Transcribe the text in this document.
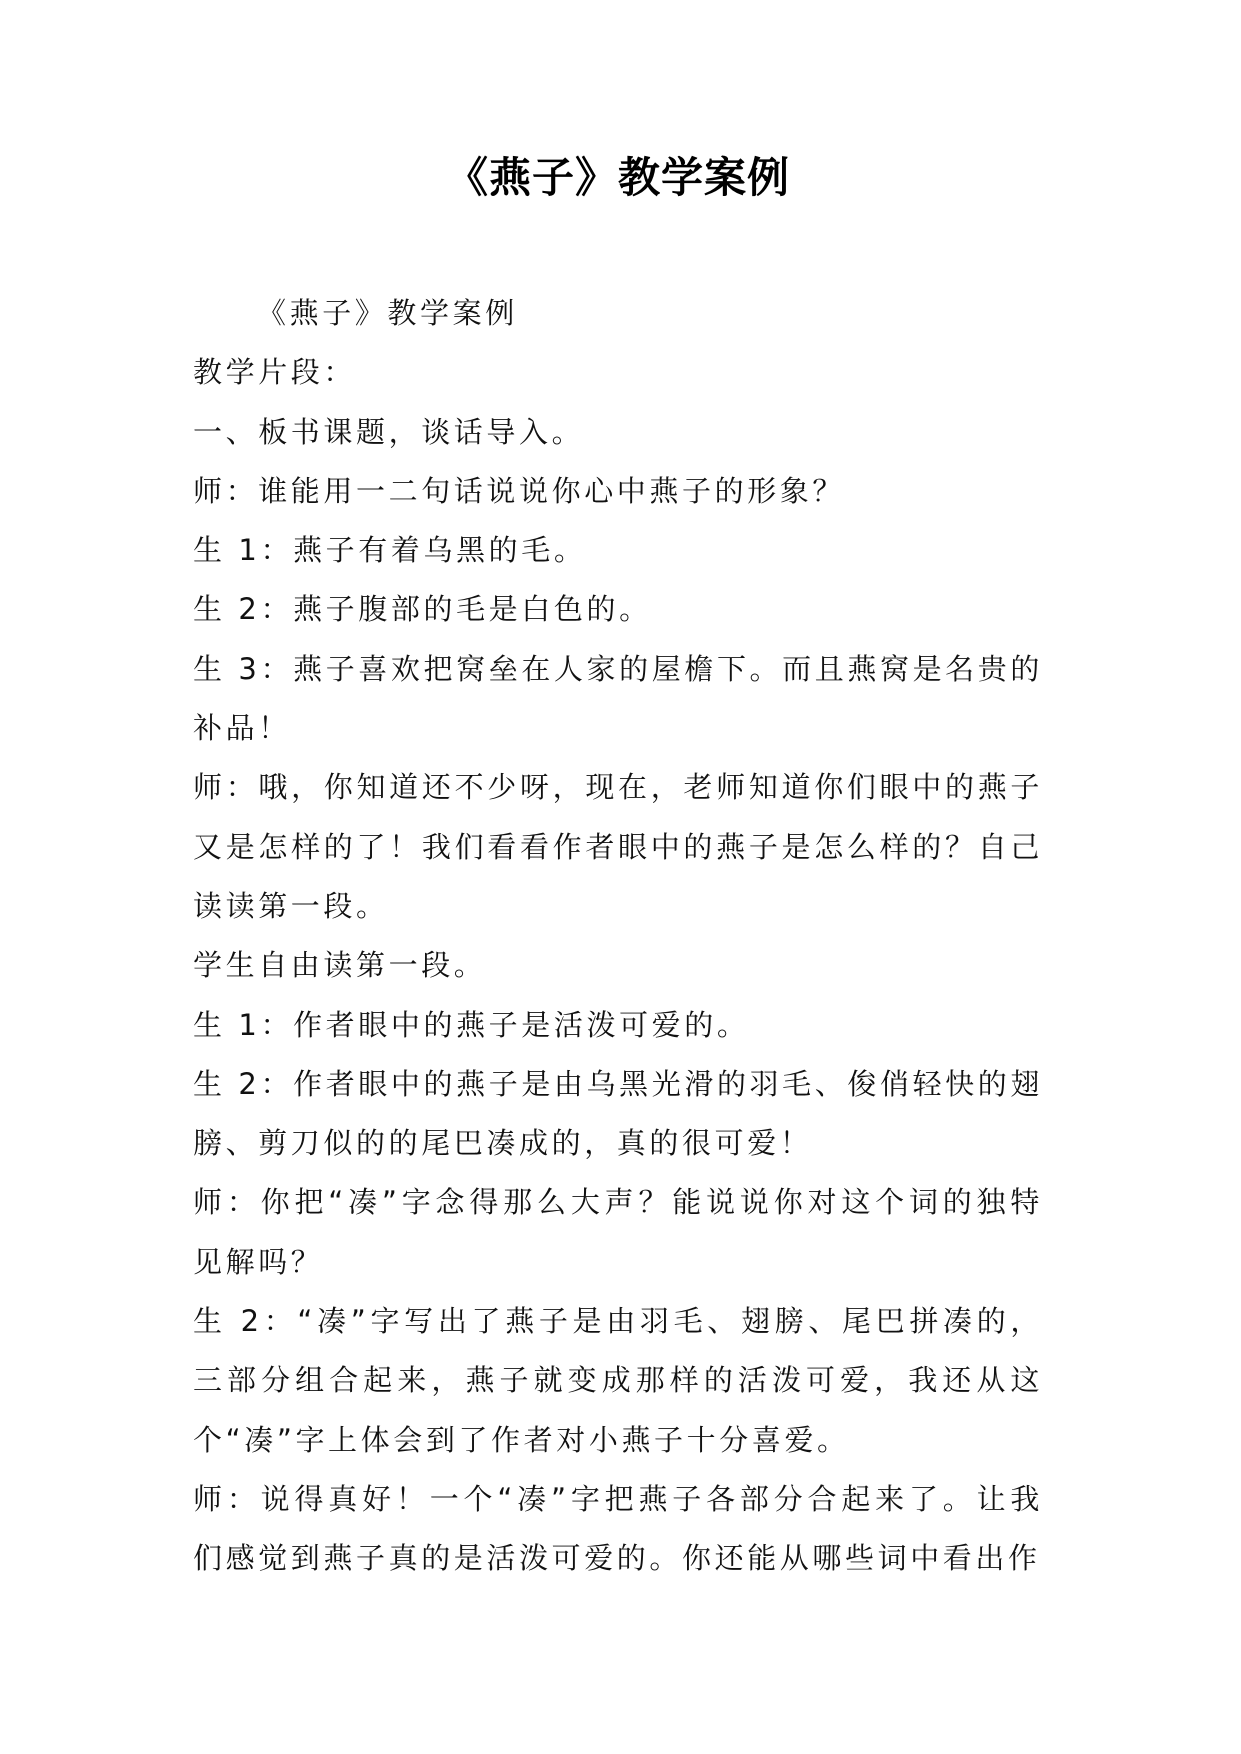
《燕子》教学案例

《燕子》教学案例

教学片段：

一、板书课题，谈话导入。

师：谁能用一二句话说说你心中燕子的形象？

生 1：燕子有着乌黑的毛。

生 2：燕子腹部的毛是白色的。

生 3：燕子喜欢把窝垒在人家的屋檐下。而且燕窝是名贵的补品！

师：哦，你知道还不少呀，现在，老师知道你们眼中的燕子又是怎样的了！我们看看作者眼中的燕子是怎么样的？自己读读第一段。

学生自由读第一段。

生 1：作者眼中的燕子是活泼可爱的。

生 2：作者眼中的燕子是由乌黑光滑的羽毛、俊俏轻快的翅膀、剪刀似的的尾巴凑成的，真的很可爱！

师：你把“凑”字念得那么大声？能说说你对这个词的独特见解吗？

生 2：“凑”字写出了燕子是由羽毛、翅膀、尾巴拼凑的，三部分组合起来，燕子就变成那样的活泼可爱，我还从这个“凑”字上体会到了作者对小燕子十分喜爱。

师：说得真好！一个“凑”字把燕子各部分合起来了。让我们感觉到燕子真的是活泼可爱的。你还能从哪些词中看出作
